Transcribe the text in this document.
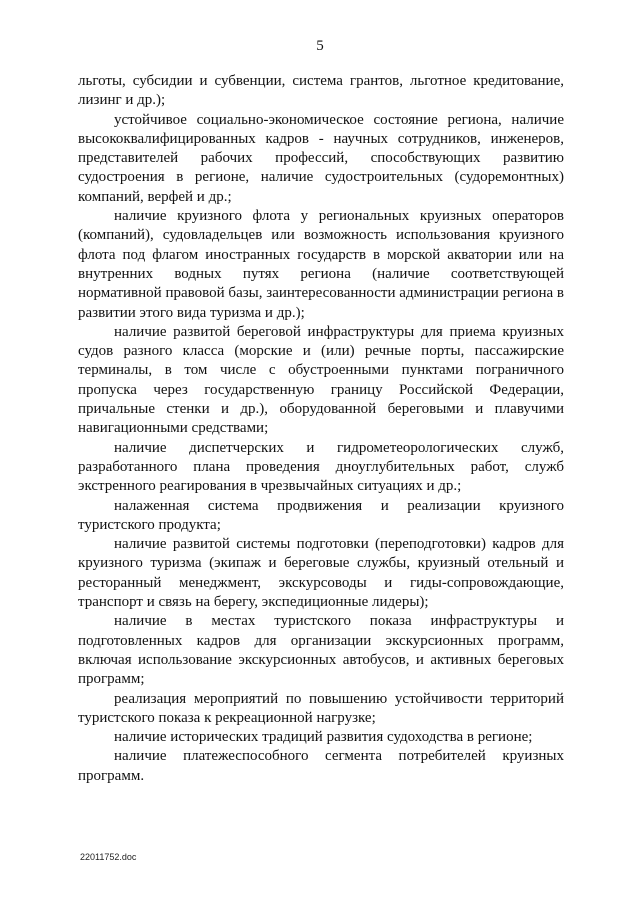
5

льготы, субсидии и субвенции, система грантов, льготное кредитование, лизинг и др.);

устойчивое социально-экономическое состояние региона, наличие высококвалифицированных кадров - научных сотрудников, инженеров, представителей рабочих профессий, способствующих развитию судостроения в регионе, наличие судостроительных (судоремонтных) компаний, верфей и др.;

наличие круизного флота у региональных круизных операторов (компаний), судовладельцев или возможность использования круизного флота под флагом иностранных государств в морской акватории или на внутренних водных путях региона (наличие соответствующей нормативной правовой базы, заинтересованности администрации региона в развитии этого вида туризма и др.);

наличие развитой береговой инфраструктуры для приема круизных судов разного класса (морские и (или) речные порты, пассажирские терминалы, в том числе с обустроенными пунктами пограничного пропуска через государственную границу Российской Федерации, причальные стенки и др.), оборудованной береговыми и плавучими навигационными средствами;

наличие диспетчерских и гидрометеорологических служб, разработанного плана проведения дноуглубительных работ, служб экстренного реагирования в чрезвычайных ситуациях и др.;

налаженная система продвижения и реализации круизного туристского продукта;

наличие развитой системы подготовки (переподготовки) кадров для круизного туризма (экипаж и береговые службы, круизный отельный и ресторанный менеджмент, экскурсоводы и гиды-сопровождающие, транспорт и связь на берегу, экспедиционные лидеры);

наличие в местах туристского показа инфраструктуры и подготовленных кадров для организации экскурсионных программ, включая использование экскурсионных автобусов, и активных береговых программ;

реализация мероприятий по повышению устойчивости территорий туристского показа к рекреационной нагрузке;

наличие исторических традиций развития судоходства в регионе;

наличие платежеспособного сегмента потребителей круизных программ.

22011752.doc
